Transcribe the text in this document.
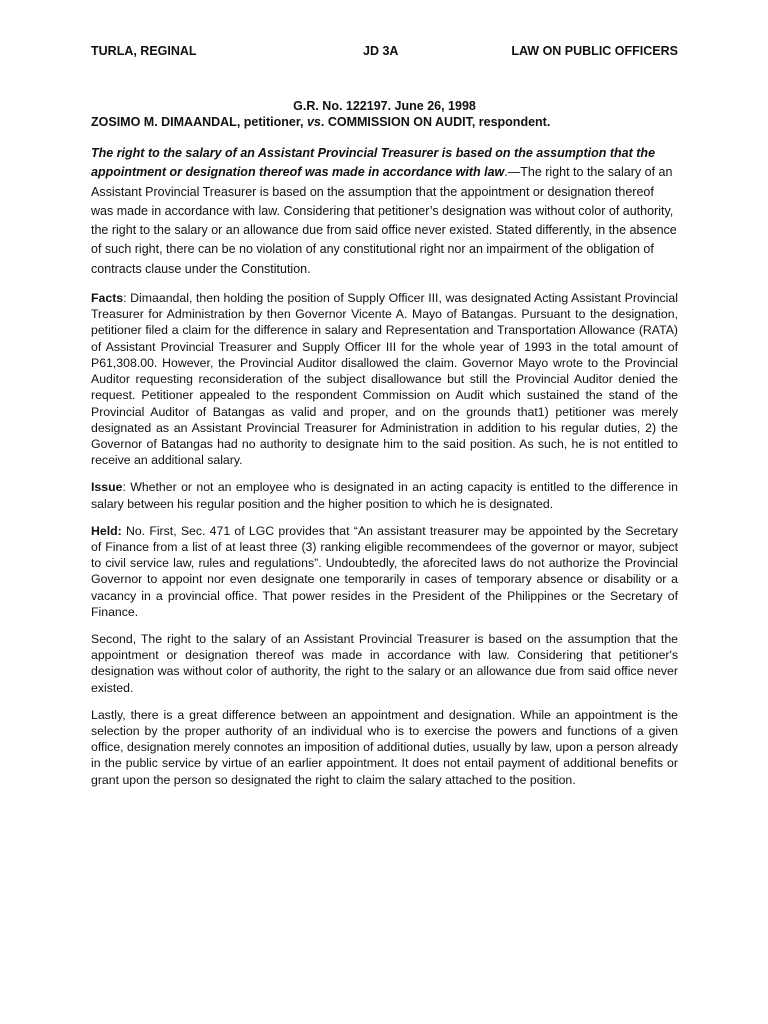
TURLA, REGINAL	JD 3A	LAW ON PUBLIC OFFICERS
G.R. No. 122197. June 26, 1998
ZOSIMO M. DIMAANDAL, petitioner, vs. COMMISSION ON AUDIT, respondent.
The right to the salary of an Assistant Provincial Treasurer is based on the assumption that the appointment or designation thereof was made in accordance with law.—The right to the salary of an Assistant Provincial Treasurer is based on the assumption that the appointment or designation thereof was made in accordance with law. Considering that petitioner’s designation was without color of authority, the right to the salary or an allowance due from said office never existed. Stated differently, in the absence of such right, there can be no violation of any constitutional right nor an impairment of the obligation of contracts clause under the Constitution.

Facts: Dimaandal, then holding the position of Supply Officer III, was designated Acting Assistant Provincial Treasurer for Administration by then Governor Vicente A. Mayo of Batangas. Pursuant to the designation, petitioner filed a claim for the difference in salary and Representation and Transportation Allowance (RATA) of Assistant Provincial Treasurer and Supply Officer III for the whole year of 1993 in the total amount of P61,308.00. However, the Provincial Auditor disallowed the claim. Governor Mayo wrote to the Provincial Auditor requesting reconsideration of the subject disallowance but still the Provincial Auditor denied the request. Petitioner appealed to the respondent Commission on Audit which sustained the stand of the Provincial Auditor of Batangas as valid and proper, and on the grounds that1) petitioner was merely designated as an Assistant Provincial Treasurer for Administration in addition to his regular duties, 2) the Governor of Batangas had no authority to designate him to the said position. As such, he is not entitled to receive an additional salary.

Issue: Whether or not an employee who is designated in an acting capacity is entitled to the difference in salary between his regular position and the higher position to which he is designated.

Held: No. First, Sec. 471 of LGC provides that “An assistant treasurer may be appointed by the Secretary of Finance from a list of at least three (3) ranking eligible recommendees of the governor or mayor, subject to civil service law, rules and regulations”. Undoubtedly, the aforecited laws do not authorize the Provincial Governor to appoint nor even designate one temporarily in cases of temporary absence or disability or a vacancy in a provincial office. That power resides in the President of the Philippines or the Secretary of Finance.

Second, The right to the salary of an Assistant Provincial Treasurer is based on the assumption that the appointment or designation thereof was made in accordance with law. Considering that petitioner's designation was without color of authority, the right to the salary or an allowance due from said office never existed.

Lastly, there is a great difference between an appointment and designation. While an appointment is the selection by the proper authority of an individual who is to exercise the powers and functions of a given office, designation merely connotes an imposition of additional duties, usually by law, upon a person already in the public service by virtue of an earlier appointment. It does not entail payment of additional benefits or grant upon the person so designated the right to claim the salary attached to the position.
